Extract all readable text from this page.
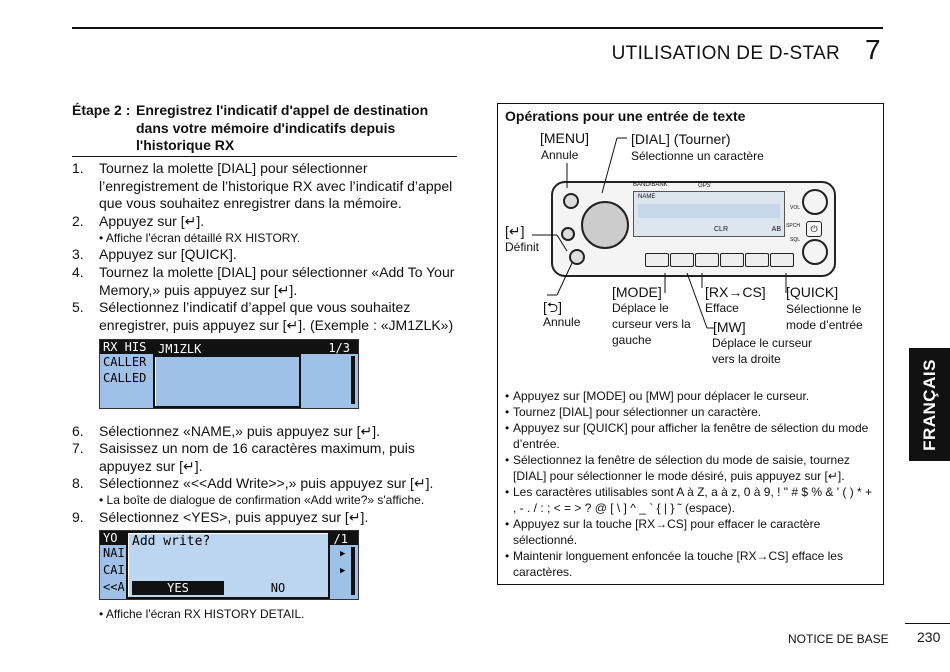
UTILISATION DE D-STAR 7
Étape 2 : Enregistrez l'indicatif d'appel de destination dans votre mémoire d'indicatifs depuis l'historique RX
1. Tournez la molette [DIAL] pour sélectionner l’enregistrement de l’historique RX avec l’indicatif d’appel que vous souhaitez enregistrer dans la mémoire.
2. Appuyez sur [↵].
• Affiche l'écran détaillé RX HISTORY.
3. Appuyez sur [QUICK].
4. Tournez la molette [DIAL] pour sélectionner «Add To Your Memory,» puis appuyez sur [↵].
5. Sélectionnez l’indicatif d’appel que vous souhaitez enregistrer, puis appuyez sur [↵]. (Exemple : «JM1ZLK»)
RX HIS	1/3
CALLER
CALLED
JM1ZLK
6. Sélectionnez «NAME,» puis appuyez sur [↵].
7. Saisissez un nom de 16 caractères maximum, puis appuyez sur [↵].
8. Sélectionnez «<<Add Write>>,» puis appuyez sur [↵].
• La boîte de dialogue de confirmation «Add write?» s'affiche.
9. Sélectionnez <YES>, puis appuyez sur [↵].
YO	/1
NAI
CAI
<<A
Add write?
YES	NO
▶
▶
• Affiche l'écran RX HISTORY DETAIL.
Opérations pour une entrée de texte
[MENU]
Annule
[DIAL] (Tourner)
Sélectionne un caractère
[↵]
Définit
[⮌]
Annule
[MODE]
Déplace le curseur vers la gauche
[RX→CS]
Efface
[QUICK]
Sélectionne le mode d’entrée
[MW]
Déplace le curseur vers la droite
NAME
CLR	AB
BAND/BANK	GPS
⏻
VOL
SPCH
SQL
• Appuyez sur [MODE] ou [MW] pour déplacer le curseur.
• Tournez [DIAL] pour sélectionner un caractère.
• Appuyez sur [QUICK] pour afficher la fenêtre de sélection du mode d’entrée.
• Sélectionnez la fenêtre de sélection du mode de saisie, tournez [DIAL] pour sélectionner le mode désiré, puis appuyez sur [↵].
• Les caractères utilisables sont A à Z, a à z, 0 à 9, ! " # $ % & ' ( ) * + , - . / : ; < = > ? @ [ \ ] ^ _ ` { | } ˜ (espace).
• Appuyez sur la touche [RX→CS] pour effacer le caractère sélectionné.
• Maintenir longuement enfoncée la touche [RX→CS] efface les caractères.
FRANÇAIS
NOTICE DE BASE 230
